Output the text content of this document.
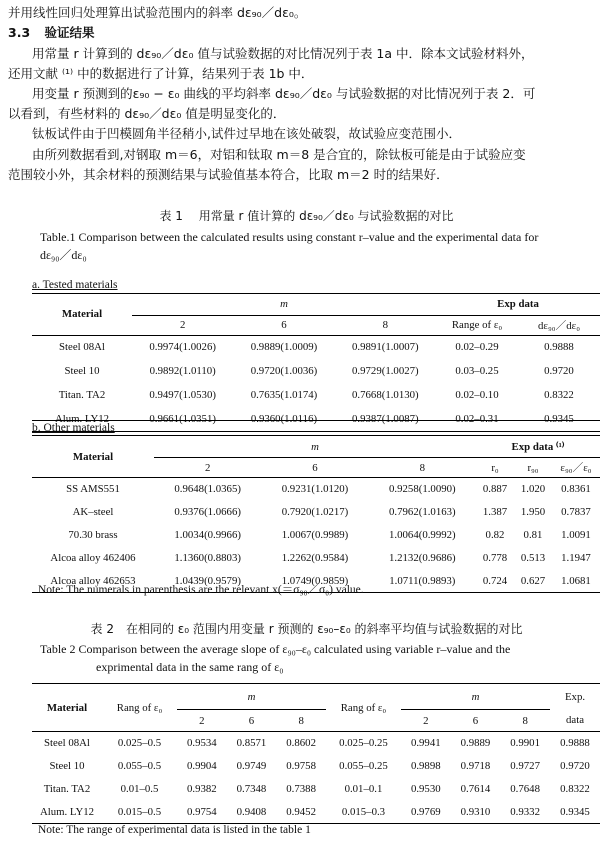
并用线性回归处理算出试验范围内的斜率 dε₉₀／dε₀。

3.3 验证结果

用常量 r 计算到的 dε₉₀／dε₀ 值与试验数据的对比情况列于表 1a 中．除本文试验材料外，

还用文献 ⁽¹⁾ 中的数据进行了计算，结果列于表 1b 中．

用变量 r 预测到的ε₉₀ − ε₀ 曲线的平均斜率 dε₉₀／dε₀ 与试验数据的对比情况列于表 2．可

以看到，有些材料的 dε₉₀／dε₀ 值是明显变化的．

钛板试件由于凹模圆角半径稍小,试件过早地在该处破裂，故试验应变范围小．

由所列数据看到,对钢取 m＝6，对铝和钛取 m＝8 是合宜的，除钛板可能是由于试验应变

范围较小外，其余材料的预测结果与试验值基本符合，比取 m＝2 时的结果好．

表 1　 用常量 r 值计算的 dε₉₀／dε₀ 与试验数据的对比

Table.1 Comparison between the calculated results using constant r–value and the experimental data for

dε₉₀／dε₀

a. Tested materials					
Material	m			Exp data	
	2	6	8	Range of ε₀	dε₉₀／dε₀
Steel 08Al	0.9974(1.0026)	0.9889(1.0009)	0.9891(1.0007)	0.02–0.29	0.9888
Steel 10	0.9892(1.0110)	0.9720(1.0036)	0.9729(1.0027)	0.03–0.25	0.9720
Titan. TA2	0.9497(1.0530)	0.7635(1.0174)	0.7668(1.0130)	0.02–0.10	0.8322
Alum. LY12	0.9661(1.0351)	0.9360(1.0116)	0.9387(1.0087)	0.02–0.31	0.9345
b. Other materials						
Material	m			Exp data ⁽¹⁾		
	2	6	8	r₀	r₉₀	ε₉₀／ε₀
SS AMS551	0.9648(1.0365)	0.9231(1.0120)	0.9258(1.0090)	0.887	1.020	0.8361
AK–steel	0.9376(1.0666)	0.7920(1.0217)	0.7962(1.0163)	1.387	1.950	0.7837
70.30 brass	1.0034(0.9966)	1.0067(0.9989)	1.0064(0.9992)	0.82	0.81	1.0091
Alcoa alloy 462406	1.1360(0.8803)	1.2262(0.9584)	1.2132(0.9686)	0.778	0.513	1.1947
Alcoa alloy 462653	1.0439(0.9579)	1.0749(0.9859)	1.0711(0.9893)	0.724	0.627	1.0681

Note: The numerals in parenthesis are the relevant x(＝σ₉₀／σ₀) value.

表 2　在相同的 ε₀ 范围内用变量 r 预测的 ε₉₀–ε₀ 的斜率平均值与试验数据的对比

Table 2 Comparison between the average slope of ε₉₀–ε₀ calculated using variable r–value and the

exprimental data in the same rang of ε₀

Material	Rang of ε₀	m			Rang of ε₀	m			Exp.
		2	6	8		2	6	8	data
Steel 08Al	0.025–0.5	0.9534	0.8571	0.8602	0.025–0.25	0.9941	0.9889	0.9901	0.9888
Steel 10	0.055–0.5	0.9904	0.9749	0.9758	0.055–0.25	0.9898	0.9718	0.9727	0.9720
Titan. TA2	0.01–0.5	0.9382	0.7348	0.7388	0.01–0.1	0.9530	0.7614	0.7648	0.8322
Alum. LY12	0.015–0.5	0.9754	0.9408	0.9452	0.015–0.3	0.9769	0.9310	0.9332	0.9345

Note: The range of experimental data is listed in the table 1
